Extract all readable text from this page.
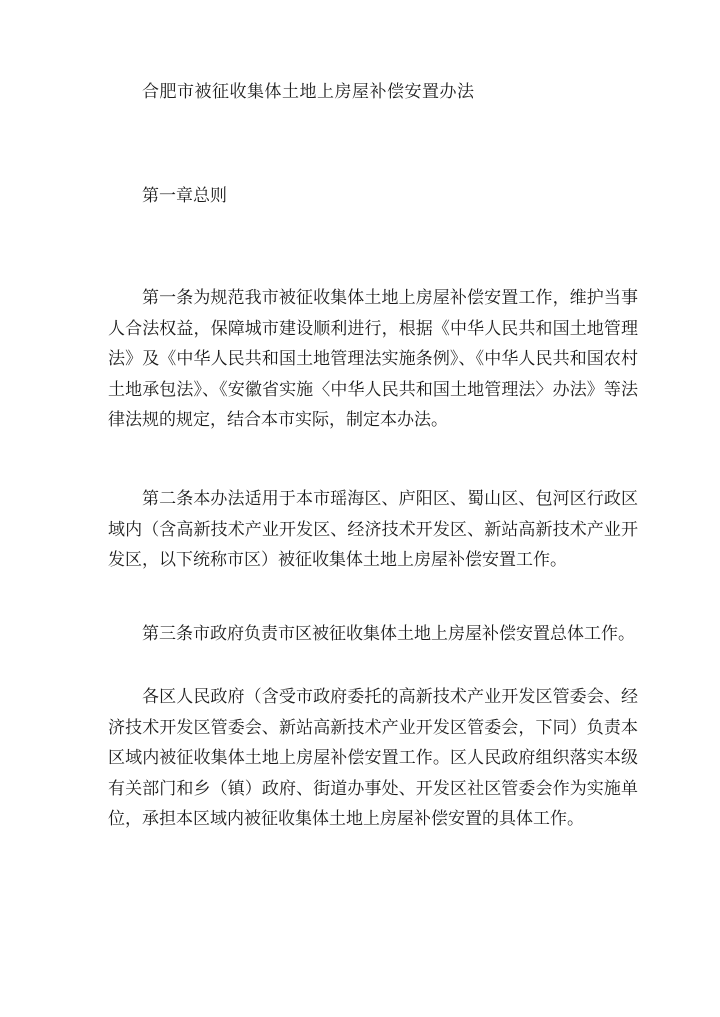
合肥市被征收集体土地上房屋补偿安置办法
第一章总则

第一条为规范我市被征收集体土地上房屋补偿安置工作，维护当事人合法权益，保障城市建设顺利进行，根据《中华人民共和国土地管理法》及《中华人民共和国土地管理法实施条例》、《中华人民共和国农村土地承包法》、《安徽省实施〈中华人民共和国土地管理法〉办法》等法律法规的规定，结合本市实际，制定本办法。

第二条本办法适用于本市瑶海区、庐阳区、蜀山区、包河区行政区域内（含高新技术产业开发区、经济技术开发区、新站高新技术产业开发区，以下统称市区）被征收集体土地上房屋补偿安置工作。

第三条市政府负责市区被征收集体土地上房屋补偿安置总体工作。

各区人民政府（含受市政府委托的高新技术产业开发区管委会、经济技术开发区管委会、新站高新技术产业开发区管委会，下同）负责本区域内被征收集体土地上房屋补偿安置工作。区人民政府组织落实本级有关部门和乡（镇）政府、街道办事处、开发区社区管委会作为实施单位，承担本区域内被征收集体土地上房屋补偿安置的具体工作。
